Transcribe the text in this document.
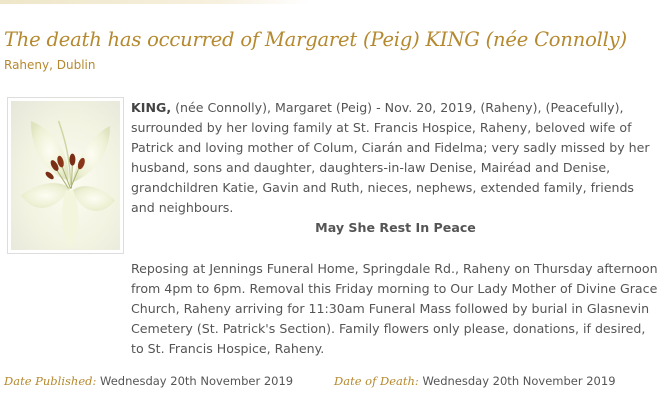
The death has occurred of Margaret (Peig) KING (née Connolly)
Raheny, Dublin

KING, (née Connolly), Margaret (Peig) - Nov. 20, 2019, (Raheny), (Peacefully), surrounded by her loving family at St. Francis Hospice, Raheny, beloved wife of Patrick and loving mother of Colum, Ciarán and Fidelma; very sadly missed by her husband, sons and daughter, daughters-in-law Denise, Mairéad and Denise, grandchildren Katie, Gavin and Ruth, nieces, nephews, extended family, friends and neighbours.

May She Rest In Peace

Reposing at Jennings Funeral Home, Springdale Rd., Raheny on Thursday afternoon from 4pm to 6pm. Removal this Friday morning to Our Lady Mother of Divine Grace Church, Raheny arriving for 11:30am Funeral Mass followed by burial in Glasnevin Cemetery (St. Patrick's Section). Family flowers only please, donations, if desired, to St. Francis Hospice, Raheny.

Date Published: Wednesday 20th November 2019	Date of Death: Wednesday 20th November 2019
